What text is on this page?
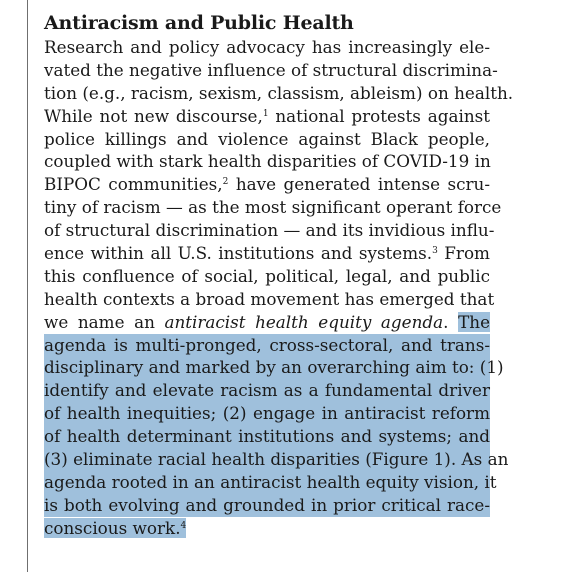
Antiracism and Public Health
Research and policy advocacy has increasingly ele-
vated the negative influence of structural discrimina-
tion (e.g., racism, sexism, classism, ableism) on health.
While not new discourse,$^1$ national protests against
police killings and violence against Black people,
coupled with stark health disparities of COVID-19 in
BIPOC communities,$^2$ have generated intense scru-
tiny of racism — as the most significant operant force
of structural discrimination — and its invidious influ-
ence within all U.S. institutions and systems.$^3$ From
this confluence of social, political, legal, and public
health contexts a broad movement has emerged that
we name an antiracist health equity agenda. The
agenda is multi-pronged, cross-sectoral, and trans-
disciplinary and marked by an overarching aim to: (1)
identify and elevate racism as a fundamental driver
of health inequities; (2) engage in antiracist reform
of health determinant institutions and systems; and
(3) eliminate racial health disparities (Figure 1). As an
agenda rooted in an antiracist health equity vision, it
is both evolving and grounded in prior critical race-
conscious work.$^4$
